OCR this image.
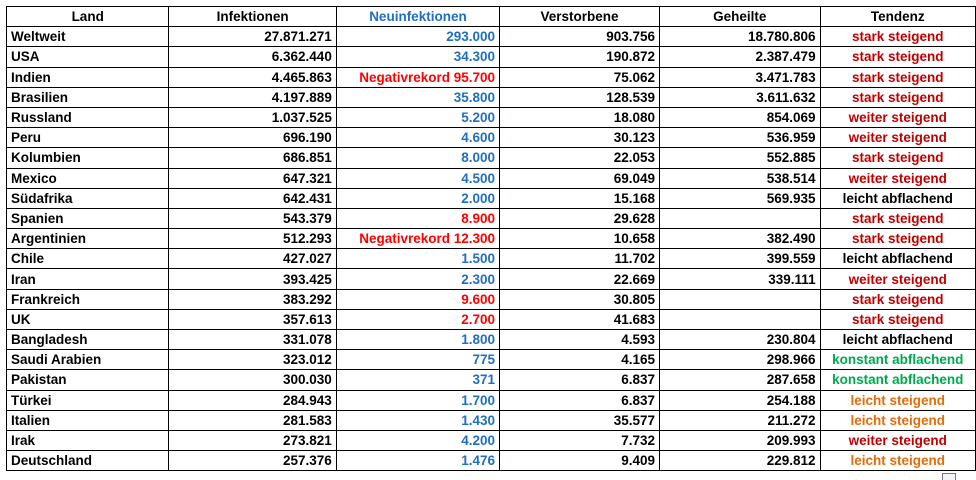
Land	Infektionen	Neuinfektionen	Verstorbene	Geheilte	Tendenz
Weltweit	27.871.271	293.000	903.756	18.780.806	stark steigend
USA	6.362.440	34.300	190.872	2.387.479	stark steigend
Indien	4.465.863	Negativrekord 95.700	75.062	3.471.783	stark steigend
Brasilien	4.197.889	35.800	128.539	3.611.632	stark steigend
Russland	1.037.525	5.200	18.080	854.069	weiter steigend
Peru	696.190	4.600	30.123	536.959	weiter steigend
Kolumbien	686.851	8.000	22.053	552.885	stark steigend
Mexico	647.321	4.500	69.049	538.514	weiter steigend
Südafrika	642.431	2.000	15.168	569.935	leicht abflachend
Spanien	543.379	8.900	29.628		stark steigend
Argentinien	512.293	Negativrekord 12.300	10.658	382.490	stark steigend
Chile	427.027	1.500	11.702	399.559	leicht abflachend
Iran	393.425	2.300	22.669	339.111	weiter steigend
Frankreich	383.292	9.600	30.805		stark steigend
UK	357.613	2.700	41.683		stark steigend
Bangladesh	331.078	1.800	4.593	230.804	leicht abflachend
Saudi Arabien	323.012	775	4.165	298.966	konstant abflachend
Pakistan	300.030	371	6.837	287.658	konstant abflachend
Türkei	284.943	1.700	6.837	254.188	leicht steigend
Italien	281.583	1.430	35.577	211.272	leicht steigend
Irak	273.821	4.200	7.732	209.993	weiter steigend
Deutschland	257.376	1.476	9.409	229.812	leicht steigend
